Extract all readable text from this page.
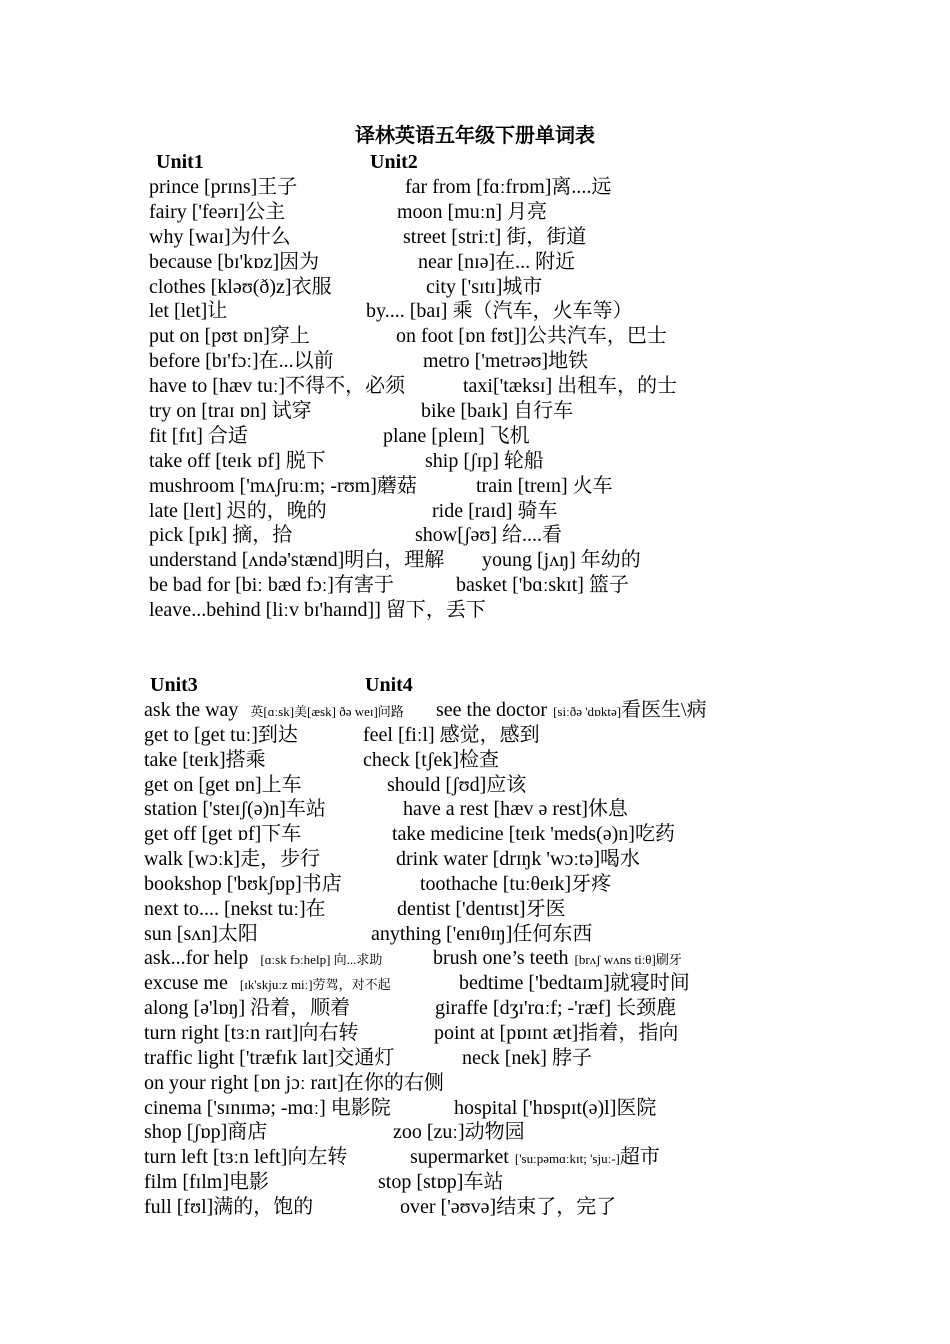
译林英语五年级下册单词表
Unit1	Unit2
prince [prɪns]王子	far from [fɑːfrɒm]离....远
fairy ['feərɪ]公主	moon [muːn] 月亮
why [waɪ]为什么	street [striːt] 街，街道
because [bɪ'kɒz]因为	near [nɪə]在... 附近
clothes [kləʊ(ð)z]衣服	city ['sɪtɪ]城市
let [let]让	by.... [baɪ] 乘（汽车，火车等）
put on [pʊt ɒn]穿上	on foot [ɒn fʊt]]公共汽车，巴士
before [bɪ'fɔː]在...以前	metro ['metrəʊ]地铁
have to [hæv tuː]不得不，必须	taxi['tæksɪ] 出租车，的士
try on [traɪ ɒn] 试穿	bike [baɪk] 自行车
fit [fɪt] 合适	plane [pleɪn] 飞机
take off [teɪk ɒf] 脱下	ship [ʃɪp] 轮船
mushroom ['mʌʃruːm; -rʊm]蘑菇	train [treɪn] 火车
late [leɪt] 迟的，晚的	ride [raɪd] 骑车
pick [pɪk] 摘，拾	show[ʃəʊ] 给....看
understand [ʌndə'stænd]明白，理解 young [jʌŋ] 年幼的
be bad for [biː bæd fɔː]有害于	basket ['bɑːskɪt] 篮子
leave...behind [liːv bɪ'haɪnd]] 留下，丢下
Unit3	Unit4
ask the way 英[ɑːsk]美[æsk] ðə weɪ]问路 see the doctor [siːðə 'dɒktə]看医生\病
get to [get tuː]到达	feel [fiːl] 感觉，感到
take [teɪk]搭乘	check [tʃek]检查
get on [get ɒn]上车	should [ʃʊd]应该
station ['steɪʃ(ə)n]车站	have a rest [hæv ə rest]休息
get off [get ɒf]下车	take medicine [teɪk 'meds(ə)n]吃药
walk [wɔːk]走，步行	drink water [drɪŋk 'wɔːtə]喝水
bookshop ['bʊkʃɒp]书店	toothache [tuːθeɪk]牙疼
next to.... [nekst tuː]在	dentist ['dentɪst]牙医
sun [sʌn]太阳	anything ['enɪθɪŋ]任何东西
ask...for help [ɑːsk fɔːhelp] 向...求助	brush one’s teeth [brʌʃ wʌns tiːθ]刷牙
excuse me [ɪk'skjuːz miː]劳驾，对不起	bedtime ['bedtaɪm]就寝时间
along [ə'lɒŋ] 沿着，顺着	giraffe [dʒɪ'rɑːf; -'ræf] 长颈鹿
turn right [tɜːn raɪt]向右转	point at [pɒɪnt æt]指着，指向
traffic light ['træfɪk laɪt]交通灯	neck [nek] 脖子
on your right [ɒn jɔː raɪt]在你的右侧
cinema ['sɪnɪmə; -mɑː] 电影院	hospital ['hɒspɪt(ə)l]医院
shop [ʃɒp]商店	zoo [zuː]动物园
turn left [tɜːn left]向左转	supermarket ['suːpəmɑːkɪt; 'sjuː-]超市
film [fɪlm]电影	stop [stɒp]车站
full [fʊl]满的，饱的	over ['əʊvə]结束了，完了
